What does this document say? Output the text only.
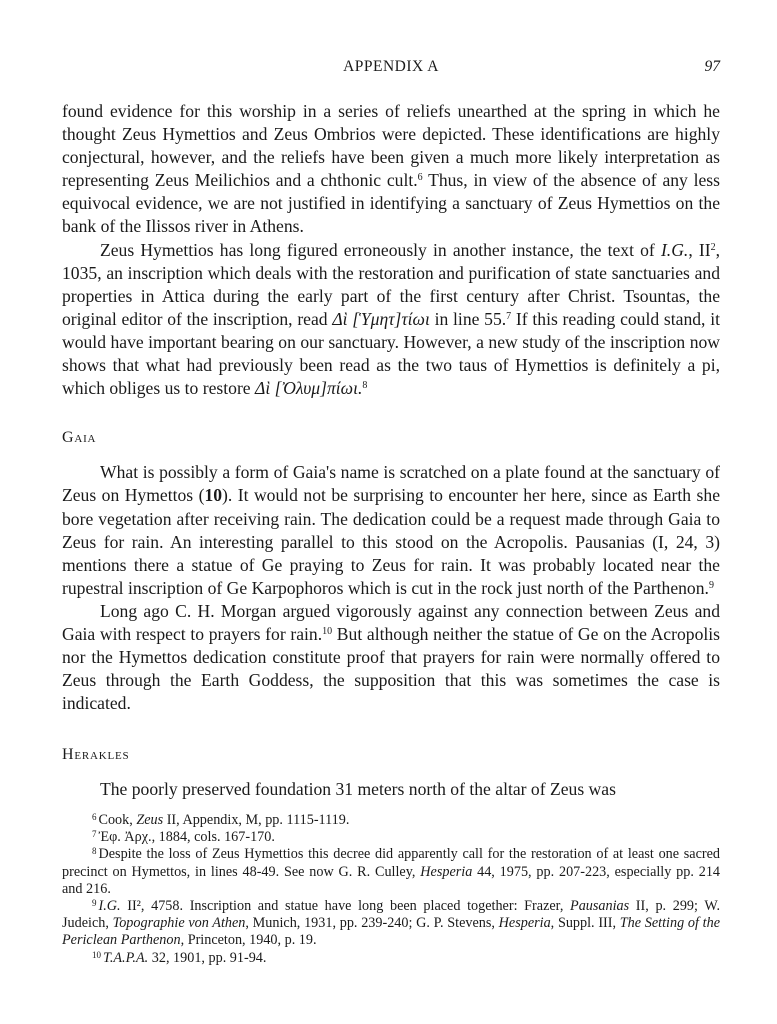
APPENDIX A	97

found evidence for this worship in a series of reliefs unearthed at the spring in which he thought Zeus Hymettios and Zeus Ombrios were depicted. These identifications are highly conjectural, however, and the reliefs have been given a much more likely interpretation as representing Zeus Meilichios and a chthonic cult.$^6$ Thus, in view of the absence of any less equivocal evidence, we are not justified in identifying a sanctuary of Zeus Hymettios on the bank of the Ilissos river in Athens.

Zeus Hymettios has long figured erroneously in another instance, the text of I.G., $II^2$, 1035, an inscription which deals with the restoration and purification of state sanctuaries and properties in Attica during the early part of the first century after Christ. Tsountas, the original editor of the inscription, read Δὶ [Ὑμητ]τίωι in line 55.$^7$ If this reading could stand, it would have important bearing on our sanctuary. However, a new study of the inscription now shows that what had previously been read as the two taus of Hymettios is definitely a pi, which obliges us to restore Δὶ [Ὀλυμ]πίωι.$^8$

Gaia

What is possibly a form of Gaia's name is scratched on a plate found at the sanctuary of Zeus on Hymettos (10). It would not be surprising to encounter her here, since as Earth she bore vegetation after receiving rain. The dedication could be a request made through Gaia to Zeus for rain. An interesting parallel to this stood on the Acropolis. Pausanias (I, 24, 3) mentions there a statue of Ge praying to Zeus for rain. It was probably located near the rupestral inscription of Ge Karpophoros which is cut in the rock just north of the Parthenon.$^9$

Long ago C. H. Morgan argued vigorously against any connection between Zeus and Gaia with respect to prayers for rain.$^{10}$ But although neither the statue of Ge on the Acropolis nor the Hymettos dedication constitute proof that prayers for rain were normally offered to Zeus through the Earth Goddess, the supposition that this was sometimes the case is indicated.

Herakles

The poorly preserved foundation 31 meters north of the altar of Zeus was

$^6$ Cook, Zeus II, Appendix, M, pp. 1115-1119.

$^7$ Ἐφ. Ἀρχ., 1884, cols. 167-170.

$^8$ Despite the loss of Zeus Hymettios this decree did apparently call for the restoration of at least one sacred precinct on Hymettos, in lines 48-49. See now G. R. Culley, Hesperia 44, 1975, pp. 207-223, especially pp. 214 and 216.

$^9$ I.G. II², 4758. Inscription and statue have long been placed together: Frazer, Pausanias II, p. 299; W. Judeich, Topographie von Athen, Munich, 1931, pp. 239-240; G. P. Stevens, Hesperia, Suppl. III, The Setting of the Periclean Parthenon, Princeton, 1940, p. 19.

$^{10}$ T.A.P.A. 32, 1901, pp. 91-94.
